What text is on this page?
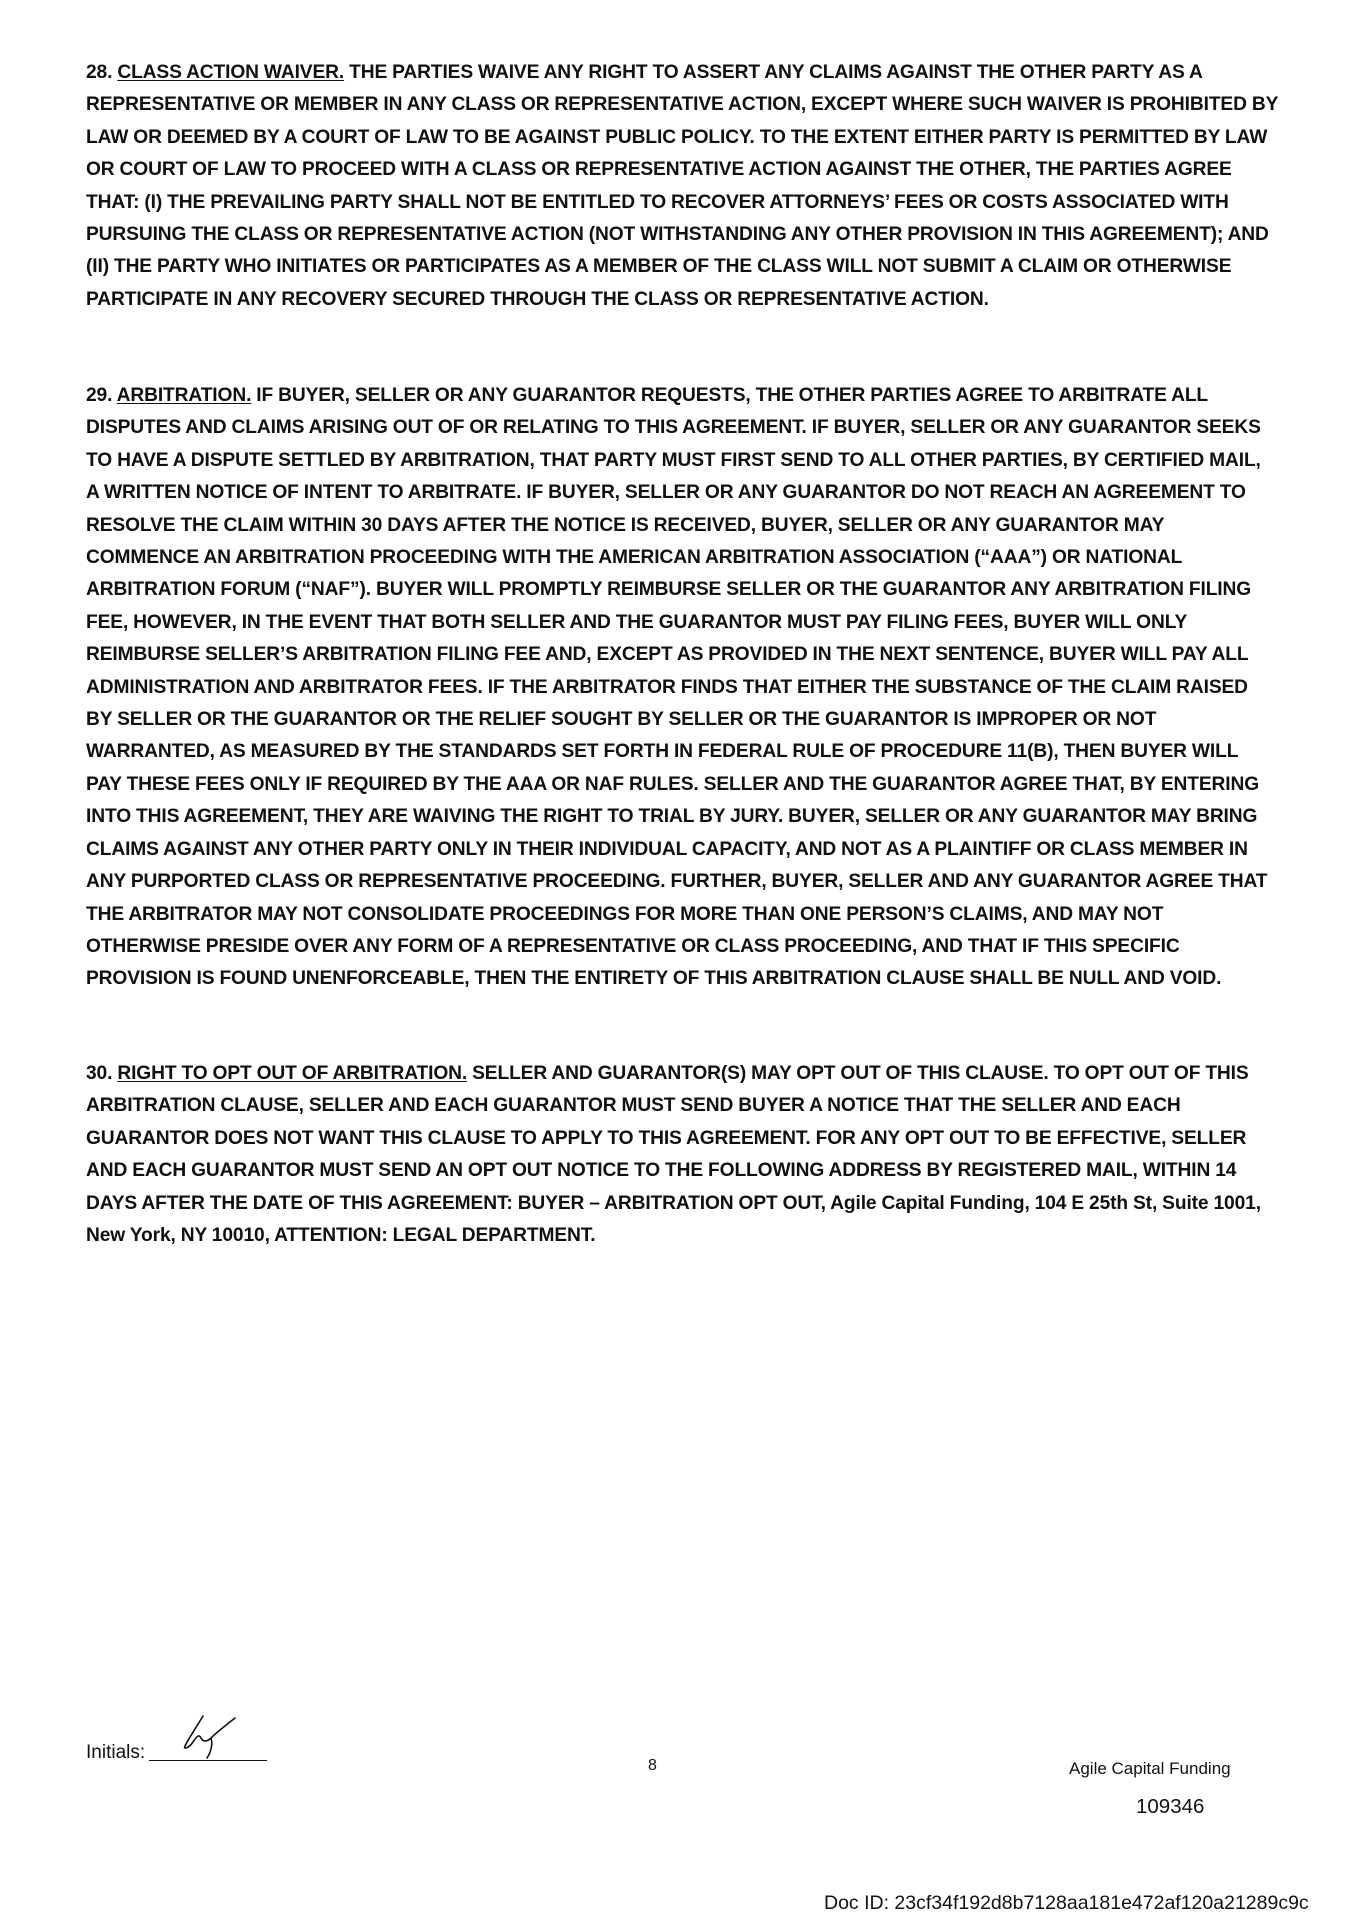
28. CLASS ACTION WAIVER. THE PARTIES WAIVE ANY RIGHT TO ASSERT ANY CLAIMS AGAINST THE OTHER PARTY AS A REPRESENTATIVE OR MEMBER IN ANY CLASS OR REPRESENTATIVE ACTION, EXCEPT WHERE SUCH WAIVER IS PROHIBITED BY LAW OR DEEMED BY A COURT OF LAW TO BE AGAINST PUBLIC POLICY. TO THE EXTENT EITHER PARTY IS PERMITTED BY LAW OR COURT OF LAW TO PROCEED WITH A CLASS OR REPRESENTATIVE ACTION AGAINST THE OTHER, THE PARTIES AGREE THAT: (I) THE PREVAILING PARTY SHALL NOT BE ENTITLED TO RECOVER ATTORNEYS’ FEES OR COSTS ASSOCIATED WITH PURSUING THE CLASS OR REPRESENTATIVE ACTION (NOT WITHSTANDING ANY OTHER PROVISION IN THIS AGREEMENT); AND (II) THE PARTY WHO INITIATES OR PARTICIPATES AS A MEMBER OF THE CLASS WILL NOT SUBMIT A CLAIM OR OTHERWISE PARTICIPATE IN ANY RECOVERY SECURED THROUGH THE CLASS OR REPRESENTATIVE ACTION.

29. ARBITRATION. IF BUYER, SELLER OR ANY GUARANTOR REQUESTS, THE OTHER PARTIES AGREE TO ARBITRATE ALL DISPUTES AND CLAIMS ARISING OUT OF OR RELATING TO THIS AGREEMENT. IF BUYER, SELLER OR ANY GUARANTOR SEEKS TO HAVE A DISPUTE SETTLED BY ARBITRATION, THAT PARTY MUST FIRST SEND TO ALL OTHER PARTIES, BY CERTIFIED MAIL, A WRITTEN NOTICE OF INTENT TO ARBITRATE. IF BUYER, SELLER OR ANY GUARANTOR DO NOT REACH AN AGREEMENT TO RESOLVE THE CLAIM WITHIN 30 DAYS AFTER THE NOTICE IS RECEIVED, BUYER, SELLER OR ANY GUARANTOR MAY COMMENCE AN ARBITRATION PROCEEDING WITH THE AMERICAN ARBITRATION ASSOCIATION (“AAA”) OR NATIONAL ARBITRATION FORUM (“NAF”). BUYER WILL PROMPTLY REIMBURSE SELLER OR THE GUARANTOR ANY ARBITRATION FILING FEE, HOWEVER, IN THE EVENT THAT BOTH SELLER AND THE GUARANTOR MUST PAY FILING FEES, BUYER WILL ONLY REIMBURSE SELLER’S ARBITRATION FILING FEE AND, EXCEPT AS PROVIDED IN THE NEXT SENTENCE, BUYER WILL PAY ALL ADMINISTRATION AND ARBITRATOR FEES. IF THE ARBITRATOR FINDS THAT EITHER THE SUBSTANCE OF THE CLAIM RAISED BY SELLER OR THE GUARANTOR OR THE RELIEF SOUGHT BY SELLER OR THE GUARANTOR IS IMPROPER OR NOT WARRANTED, AS MEASURED BY THE STANDARDS SET FORTH IN FEDERAL RULE OF PROCEDURE 11(B), THEN BUYER WILL PAY THESE FEES ONLY IF REQUIRED BY THE AAA OR NAF RULES. SELLER AND THE GUARANTOR AGREE THAT, BY ENTERING INTO THIS AGREEMENT, THEY ARE WAIVING THE RIGHT TO TRIAL BY JURY. BUYER, SELLER OR ANY GUARANTOR MAY BRING CLAIMS AGAINST ANY OTHER PARTY ONLY IN THEIR INDIVIDUAL CAPACITY, AND NOT AS A PLAINTIFF OR CLASS MEMBER IN ANY PURPORTED CLASS OR REPRESENTATIVE PROCEEDING. FURTHER, BUYER, SELLER AND ANY GUARANTOR AGREE THAT THE ARBITRATOR MAY NOT CONSOLIDATE PROCEEDINGS FOR MORE THAN ONE PERSON’S CLAIMS, AND MAY NOT OTHERWISE PRESIDE OVER ANY FORM OF A REPRESENTATIVE OR CLASS PROCEEDING, AND THAT IF THIS SPECIFIC PROVISION IS FOUND UNENFORCEABLE, THEN THE ENTIRETY OF THIS ARBITRATION CLAUSE SHALL BE NULL AND VOID.

30. RIGHT TO OPT OUT OF ARBITRATION. SELLER AND GUARANTOR(S) MAY OPT OUT OF THIS CLAUSE. TO OPT OUT OF THIS ARBITRATION CLAUSE, SELLER AND EACH GUARANTOR MUST SEND BUYER A NOTICE THAT THE SELLER AND EACH GUARANTOR DOES NOT WANT THIS CLAUSE TO APPLY TO THIS AGREEMENT. FOR ANY OPT OUT TO BE EFFECTIVE, SELLER AND EACH GUARANTOR MUST SEND AN OPT OUT NOTICE TO THE FOLLOWING ADDRESS BY REGISTERED MAIL, WITHIN 14 DAYS AFTER THE DATE OF THIS AGREEMENT: BUYER – ARBITRATION OPT OUT, Agile Capital Funding, 104 E 25th St, Suite 1001, New York, NY 10010, ATTENTION: LEGAL DEPARTMENT.

Initials:
8	Agile Capital Funding
109346
Doc ID: 23cf34f192d8b7128aa181e472af120a21289c9c
